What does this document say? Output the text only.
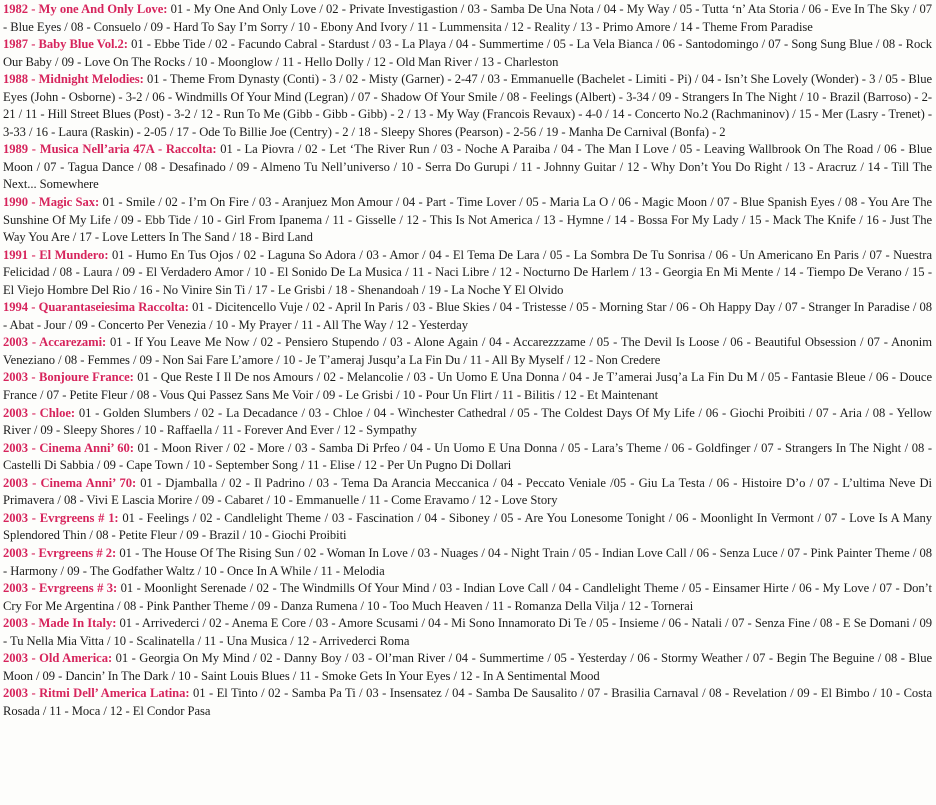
1982 - My one And Only Love: 01 - My One And Only Love / 02 - Private Investigastion / 03 - Samba De Una Nota / 04 - My Way / 05 - Tutta ‘n’ Ata Storia / 06 - Eve In The Sky / 07 - Blue Eyes / 08 - Consuelo / 09 - Hard To Say I’m Sorry / 10 - Ebony And Ivory / 11 - Lummensita / 12 - Reality / 13 - Primo Amore / 14 - Theme From Paradise

1987 - Baby Blue Vol.2: 01 - Ebbe Tide / 02 - Facundo Cabral - Stardust / 03 - La Playa / 04 - Summertime / 05 - La Vela Bianca / 06 - Santodomingo / 07 - Song Sung Blue / 08 - Rock Our Baby / 09 - Love On The Rocks / 10 - Moonglow / 11 - Hello Dolly / 12 - Old Man River / 13 - Charleston

1988 - Midnight Melodies: 01 - Theme From Dynasty (Conti) - 3 / 02 - Misty (Garner) - 2-47 / 03 - Emmanuelle (Bachelet - Limiti - Pi) / 04 - Isn’t She Lovely (Wonder) - 3 / 05 - Blue Eyes (John - Osborne) - 3-2 / 06 - Windmills Of Your Mind (Legran) / 07 - Shadow Of Your Smile / 08 - Feelings (Albert) - 3-34 / 09 - Strangers In The Night / 10 - Brazil (Barroso) - 2-21 / 11 - Hill Street Blues (Post) - 3-2 / 12 - Run To Me (Gibb - Gibb - Gibb) - 2 / 13 - My Way (Francois Revaux) - 4-0 / 14 - Concerto No.2 (Rachmaninov) / 15 - Mer (Lasry - Trenet) - 3-33 / 16 - Laura (Raskin) - 2-05 / 17 - Ode To Billie Joe (Centry) - 2 / 18 - Sleepy Shores (Pearson) - 2-56 / 19 - Manha De Carnival (Bonfa) - 2

1989 - Musica Nell’aria 47A - Raccolta: 01 - La Piovra / 02 - Let ‘The River Run / 03 - Noche A Paraiba / 04 - The Man I Love / 05 - Leaving Wallbrook On The Road / 06 - Blue Moon / 07 - Tagua Dance / 08 - Desafinado / 09 - Almeno Tu Nell’universo / 10 - Serra Do Gurupi / 11 - Johnny Guitar / 12 - Why Don’t You Do Right / 13 - Aracruz / 14 - Till The Next... Somewhere

1990 - Magic Sax: 01 - Smile / 02 - I’m On Fire / 03 - Aranjuez Mon Amour / 04 - Part - Time Lover / 05 - Maria La O / 06 - Magic Moon / 07 - Blue Spanish Eyes / 08 - You Are The Sunshine Of My Life / 09 - Ebb Tide / 10 - Girl From Ipanema / 11 - Gisselle / 12 - This Is Not America / 13 - Hymne / 14 - Bossa For My Lady / 15 - Mack The Knife / 16 - Just The Way You Are / 17 - Love Letters In The Sand / 18 - Bird Land

1991 - El Mundero: 01 - Humo En Tus Ojos / 02 - Laguna So Adora / 03 - Amor / 04 - El Tema De Lara / 05 - La Sombra De Tu Sonrisa / 06 - Un Americano En Paris / 07 - Nuestra Felicidad / 08 - Laura / 09 - El Verdadero Amor / 10 - El Sonido De La Musica / 11 - Naci Libre / 12 - Nocturno De Harlem / 13 - Georgia En Mi Mente / 14 - Tiempo De Verano / 15 - El Viejo Hombre Del Rio / 16 - No Vinire Sin Ti / 17 - Le Grisbi / 18 - Shenandoah / 19 - La Noche Y El Olvido

1994 - Quarantaseiesima Raccolta: 01 - Dicitencello Vuje / 02 - April In Paris / 03 - Blue Skies / 04 - Tristesse / 05 - Morning Star / 06 - Oh Happy Day / 07 - Stranger In Paradise / 08 - Abat - Jour / 09 - Concerto Per Venezia / 10 - My Prayer / 11 - All The Way / 12 - Yesterday

2003 - Accarezami: 01 - If You Leave Me Now / 02 - Pensiero Stupendo / 03 - Alone Again / 04 - Accarezzzame / 05 - The Devil Is Loose / 06 - Beautiful Obsession / 07 - Anonim Veneziano / 08 - Femmes / 09 - Non Sai Fare L’amore / 10 - Je T’ameraj Jusqu’a La Fin Du / 11 - All By Myself / 12 - Non Credere

2003 - Bonjoure France: 01 - Que Reste I Il De nos Amours / 02 - Melancolie / 03 - Un Uomo E Una Donna / 04 - Je T’amerai Jusq’a La Fin Du M / 05 - Fantasie Bleue / 06 - Douce France / 07 - Petite Fleur / 08 - Vous Qui Passez Sans Me Voir / 09 - Le Grisbi / 10 - Pour Un Flirt / 11 - Bilitis / 12 - Et Maintenant

2003 - Chloe: 01 - Golden Slumbers / 02 - La Decadance / 03 - Chloe / 04 - Winchester Cathedral / 05 - The Coldest Days Of My Life / 06 - Giochi Proibiti / 07 - Aria / 08 - Yellow River / 09 - Sleepy Shores / 10 - Raffaella / 11 - Forever And Ever / 12 - Sympathy

2003 - Cinema Anni’ 60: 01 - Moon River / 02 - More / 03 - Samba Di Prfeo / 04 - Un Uomo E Una Donna / 05 - Lara’s Theme / 06 - Goldfinger / 07 - Strangers In The Night / 08 - Castelli Di Sabbia / 09 - Cape Town / 10 - September Song / 11 - Elise / 12 - Per Un Pugno Di Dollari

2003 - Cinema Anni’ 70: 01 - Djamballa / 02 - Il Padrino / 03 - Tema Da Arancia Meccanica / 04 - Peccato Veniale /05 - Giu La Testa / 06 - Histoire D’o / 07 - L’ultima Neve Di Primavera / 08 - Vivi E Lascia Morire / 09 - Cabaret / 10 - Emmanuelle / 11 - Come Eravamo / 12 - Love Story

2003 - Evrgreens # 1: 01 - Feelings / 02 - Candlelight Theme / 03 - Fascination / 04 - Siboney / 05 - Are You Lonesome Tonight / 06 - Moonlight In Vermont / 07 - Love Is A Many Splendored Thin / 08 - Petite Fleur / 09 - Brazil / 10 - Giochi Proibiti

2003 - Evrgreens # 2: 01 - The House Of The Rising Sun / 02 - Woman In Love / 03 - Nuages / 04 - Night Train / 05 - Indian Love Call / 06 - Senza Luce / 07 - Pink Painter Theme / 08 - Harmony / 09 - The Godfather Waltz / 10 - Once In A While / 11 - Melodia

2003 - Evrgreens # 3: 01 - Moonlight Serenade / 02 - The Windmills Of Your Mind / 03 - Indian Love Call / 04 - Candlelight Theme / 05 - Einsamer Hirte / 06 - My Love / 07 - Don’t Cry For Me Argentina / 08 - Pink Panther Theme / 09 - Danza Rumena / 10 - Too Much Heaven / 11 - Romanza Della Vilja / 12 - Tornerai

2003 - Made In Italy: 01 - Arrivederci / 02 - Anema E Core / 03 - Amore Scusami / 04 - Mi Sono Innamorato Di Te / 05 - Insieme / 06 - Natali / 07 - Senza Fine / 08 - E Se Domani / 09 - Tu Nella Mia Vitta / 10 - Scalinatella / 11 - Una Musica / 12 - Arrivederci Roma

2003 - Old America: 01 - Georgia On My Mind / 02 - Danny Boy / 03 - Ol’man River / 04 - Summertime / 05 - Yesterday / 06 - Stormy Weather / 07 - Begin The Beguine / 08 - Blue Moon / 09 - Dancin’ In The Dark / 10 - Saint Louis Blues / 11 - Smoke Gets In Your Eyes / 12 - In A Sentimental Mood

2003 - Ritmi Dell’ America Latina: 01 - El Tinto / 02 - Samba Pa Ti / 03 - Insensatez / 04 - Samba De Sausalito / 07 - Brasilia Carnaval / 08 - Revelation / 09 - El Bimbo / 10 - Costa Rosada / 11 - Moca / 12 - El Condor Pasa
